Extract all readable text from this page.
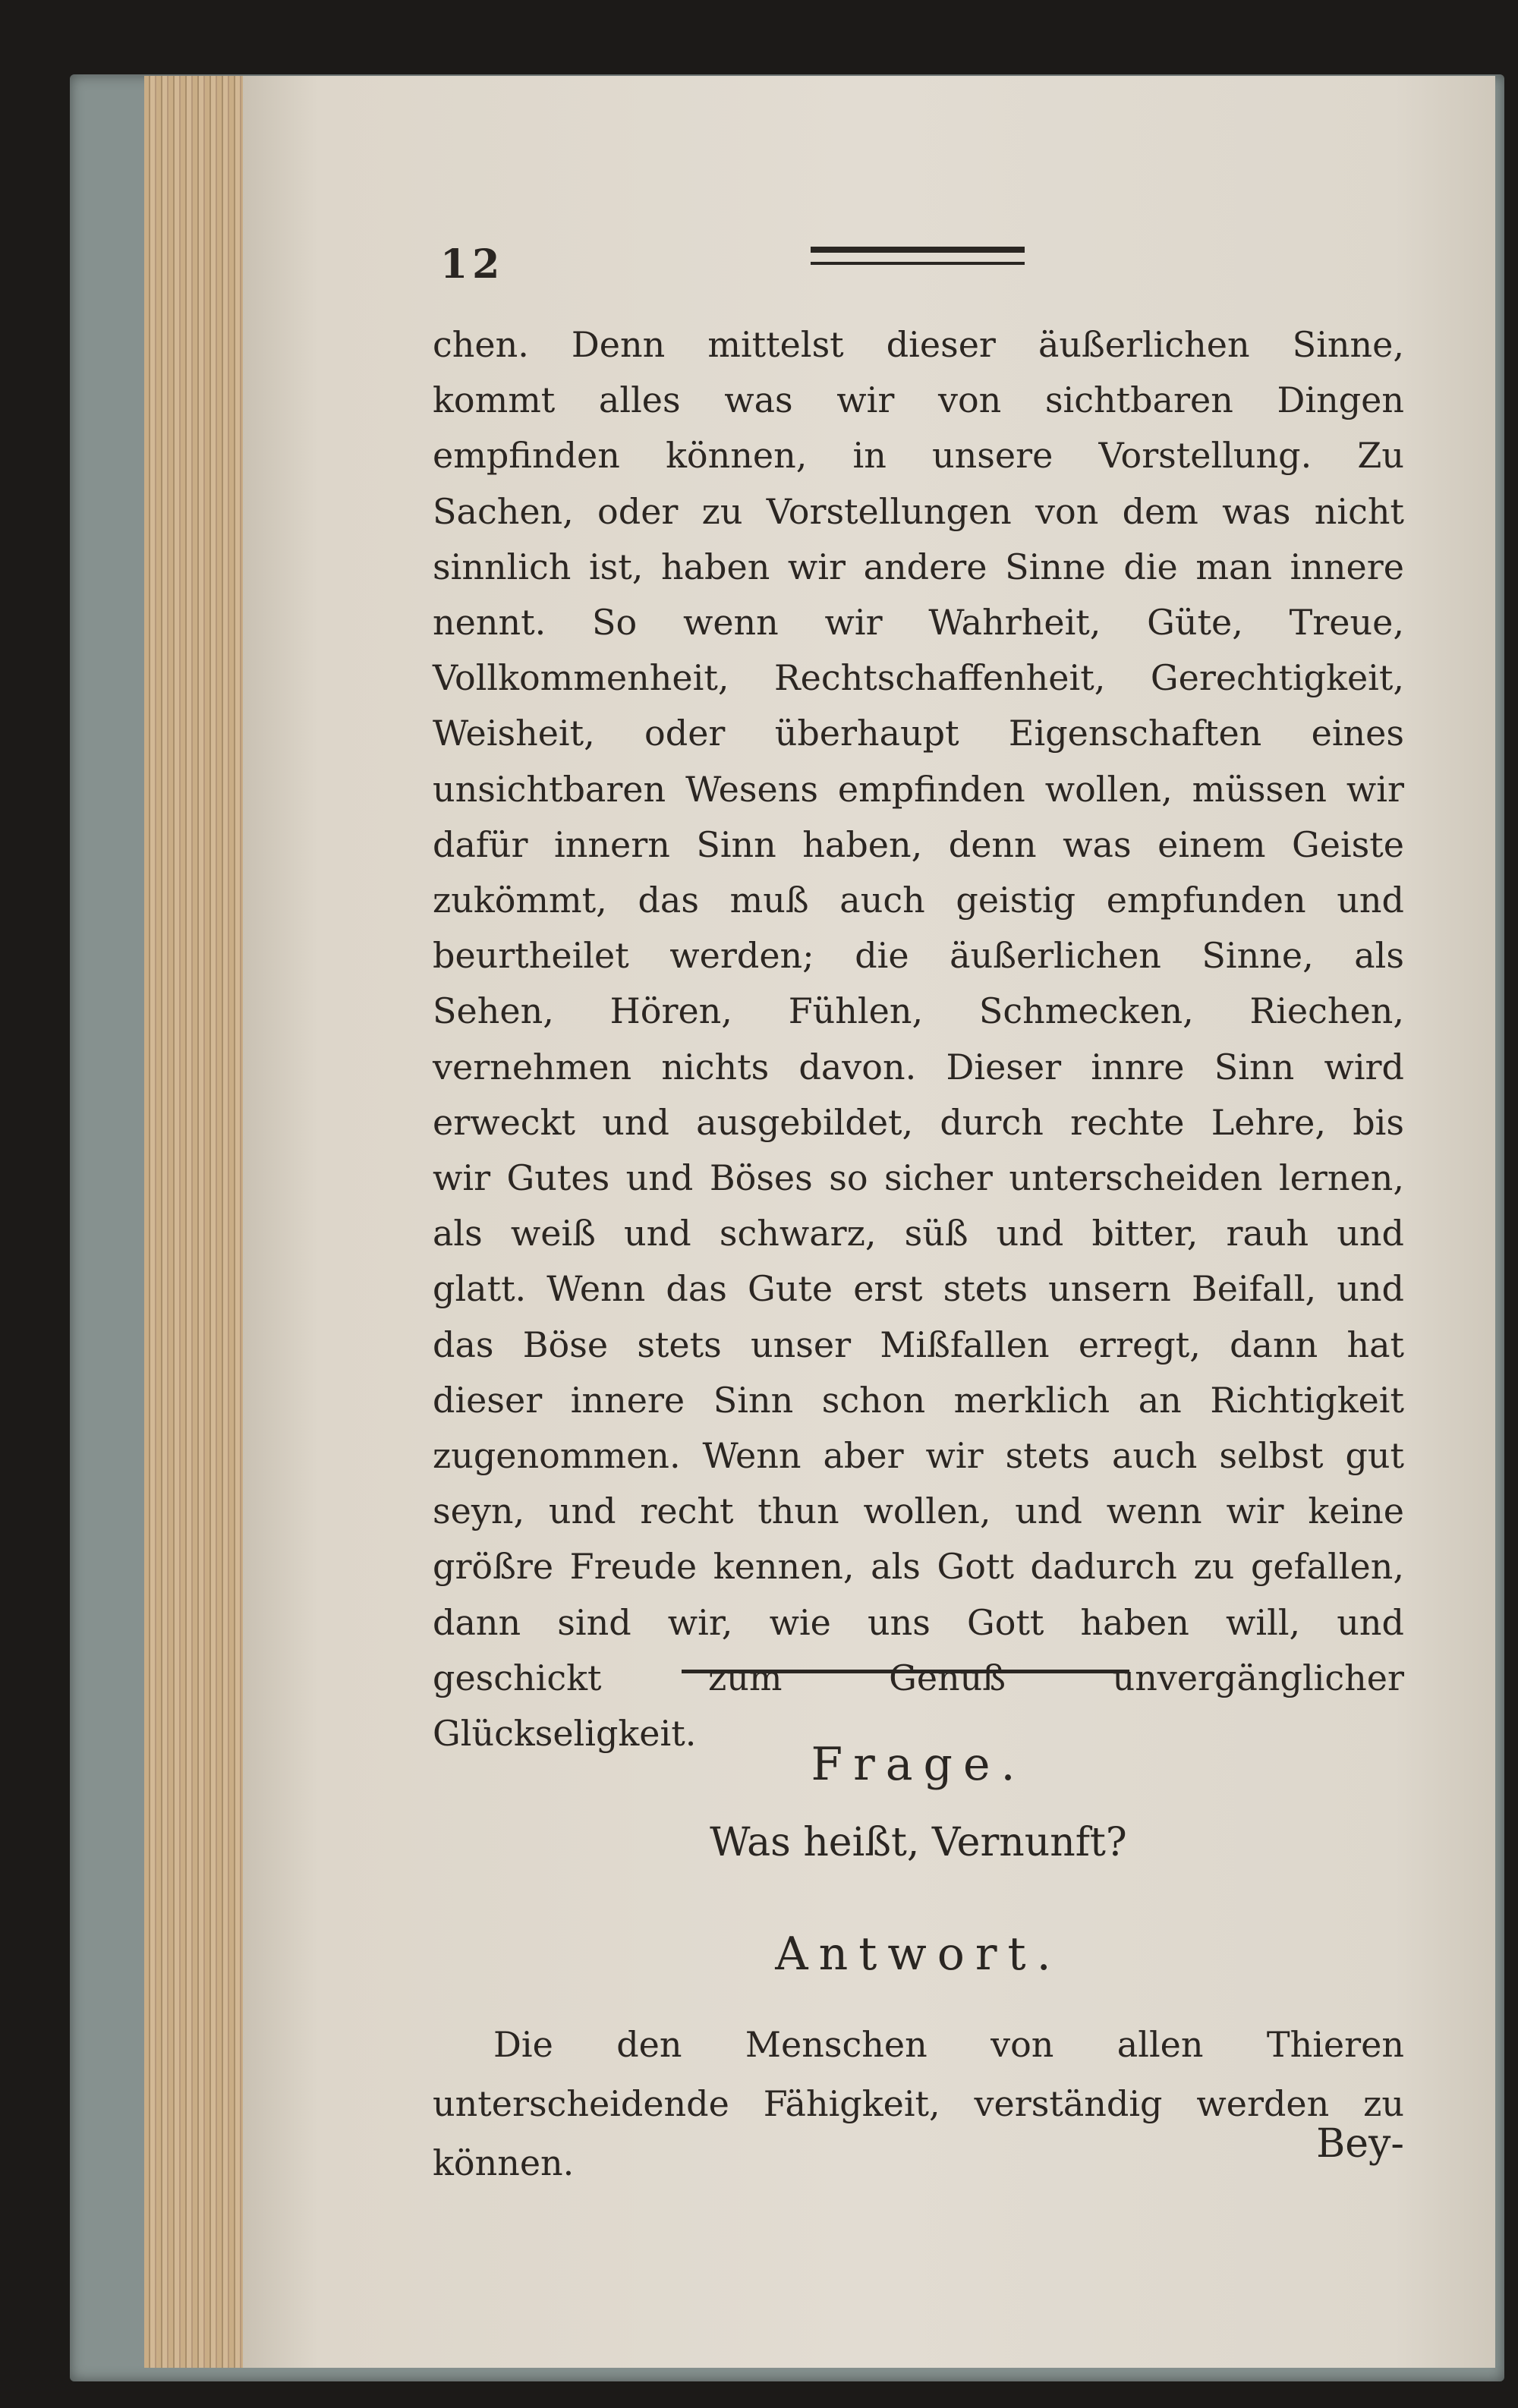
12

chen. Denn mittelst dieser äußerlichen Sinne, kommt alles was wir von sichtbaren Dingen empfinden können, in unsere Vorstellung. Zu Sachen, oder zu Vorstellungen von dem was nicht sinnlich ist, haben wir andere Sinne die man innere nennt. So wenn wir Wahrheit, Güte, Treue, Vollkommenheit, Rechtschaffenheit, Gerechtigkeit, Weisheit, oder überhaupt Eigenschaften eines unsichtbaren Wesens empfinden wollen, müssen wir dafür innern Sinn haben, denn was einem Geiste zukömmt, das muß auch geistig empfunden und beurtheilet werden; die äußerlichen Sinne, als Sehen, Hören, Fühlen, Schmecken, Riechen, vernehmen nichts davon. Dieser innre Sinn wird erweckt und ausgebildet, durch rechte Lehre, bis wir Gutes und Böses so sicher unterscheiden lernen, als weiß und schwarz, süß und bitter, rauh und glatt. Wenn das Gute erst stets unsern Beifall, und das Böse stets unser Mißfallen erregt, dann hat dieser innere Sinn schon merklich an Richtigkeit zugenommen. Wenn aber wir stets auch selbst gut seyn, und recht thun wollen, und wenn wir keine größre Freude kennen, als Gott dadurch zu gefallen, dann sind wir, wie uns Gott haben will, und geschickt zum Genuß unvergänglicher Glückseligkeit.

Frage.

Was heißt, Vernunft?

Antwort.

Die den Menschen von allen Thieren unterscheidende Fähigkeit, verständig werden zu können.	Bey-
